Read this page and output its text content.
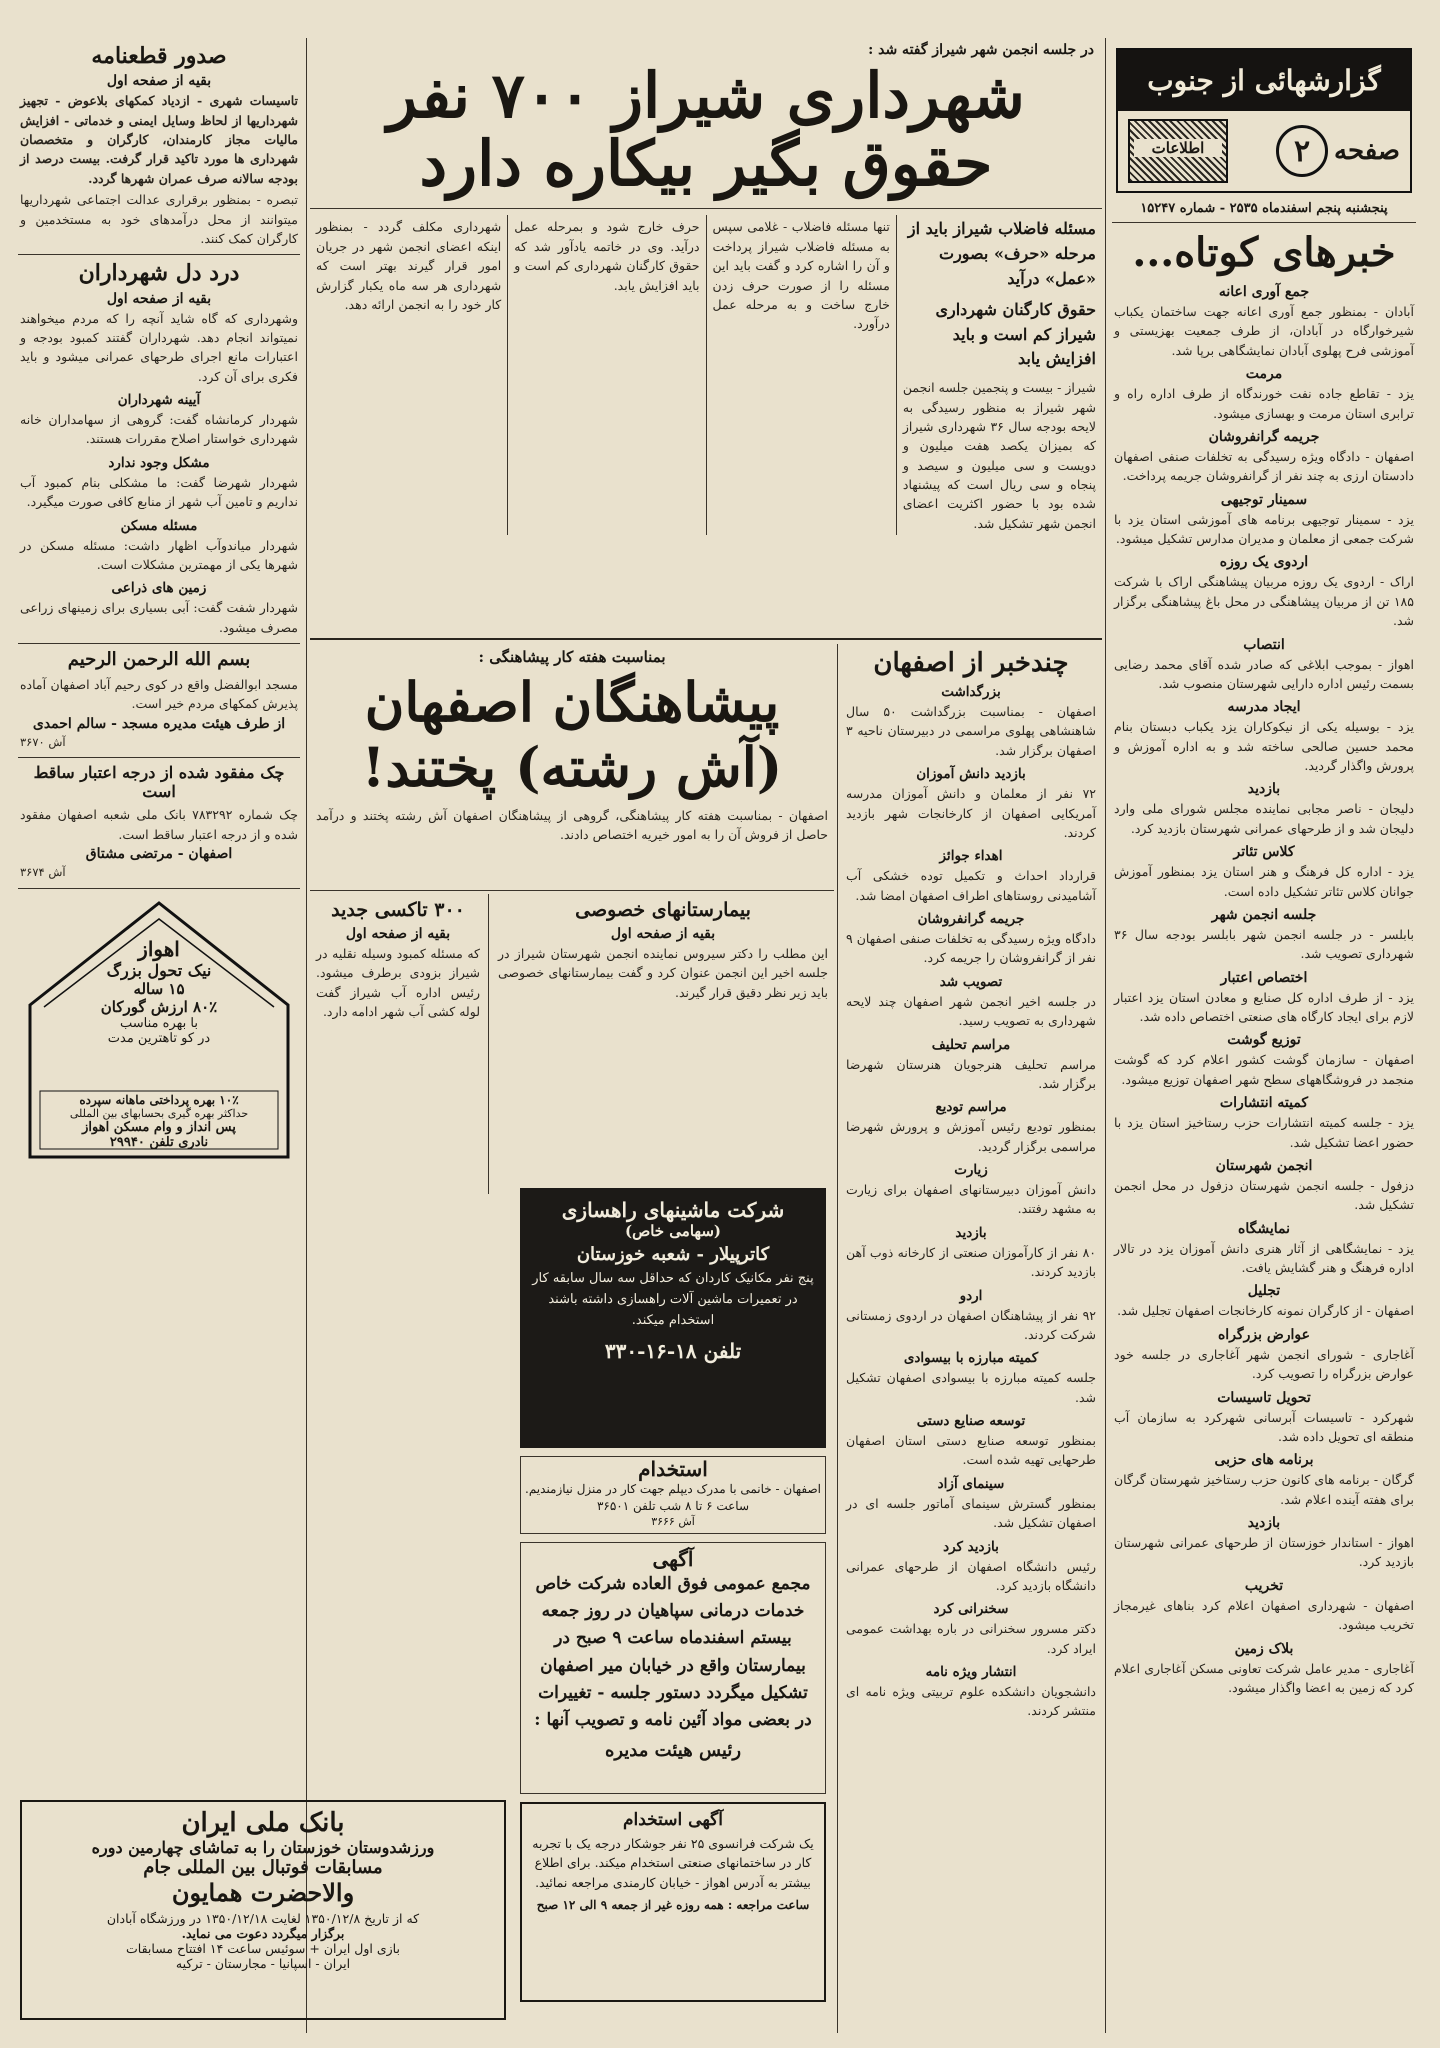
گزارشهائی از جنوب
صفحه
۲
اطلاعات
پنجشنبه پنجم اسفندماه ۲۵۳۵ - شماره ۱۵۲۴۷
خبرهای کوتاه...
جمع آوری اعانه
آبادان - بمنظور جمع آوری اعانه جهت ساختمان یکباب شیرخوارگاه در آبادان، از طرف جمعیت بهزیستی و آموزشی فرح پهلوی آبادان نمایشگاهی برپا شد.
مرمت
یزد - تقاطع جاده نفت خورندگاه از طرف اداره راه و ترابری استان مرمت و بهسازی میشود.
جریمه گرانفروشان
اصفهان - دادگاه ویژه رسیدگی به تخلفات صنفی اصفهان دادستان ارزی به چند نفر از گرانفروشان جریمه پرداخت.
سمینار توجیهی
یزد - سمینار توجیهی برنامه های آموزشی استان یزد با شرکت جمعی از معلمان و مدیران مدارس تشکیل میشود.
اردوی یک روزه
اراک - اردوی یک روزه مربیان پیشاهنگی اراک با شرکت ۱۸۵ تن از مربیان پیشاهنگی در محل باغ پیشاهنگی برگزار شد.
انتصاب
اهواز - بموجب ابلاغی که صادر شده آقای محمد رضایی بسمت رئیس اداره دارایی شهرستان منصوب شد.
ایجاد مدرسه
یزد - بوسیله یکی از نیکوکاران یزد یکباب دبستان بنام محمد حسین صالحی ساخته شد و به اداره آموزش و پرورش واگذار گردید.
بازدید
دلیجان - ناصر مجابی نماینده مجلس شورای ملی وارد دلیجان شد و از طرحهای عمرانی شهرستان بازدید کرد.
کلاس تئاتر
یزد - اداره کل فرهنگ و هنر استان یزد بمنظور آموزش جوانان کلاس تئاتر تشکیل داده است.
جلسه انجمن شهر
بابلسر - در جلسه انجمن شهر بابلسر بودجه سال ۳۶ شهرداری تصویب شد.
اختصاص اعتبار
یزد - از طرف اداره کل صنایع و معادن استان یزد اعتبار لازم برای ایجاد کارگاه های صنعتی اختصاص داده شد.
توزیع گوشت
اصفهان - سازمان گوشت کشور اعلام کرد که گوشت منجمد در فروشگاههای سطح شهر اصفهان توزیع میشود.
کمیته انتشارات
یزد - جلسه کمیته انتشارات حزب رستاخیز استان یزد با حضور اعضا تشکیل شد.
انجمن شهرستان
دزفول - جلسه انجمن شهرستان دزفول در محل انجمن تشکیل شد.
نمایشگاه
یزد - نمایشگاهی از آثار هنری دانش آموزان یزد در تالار اداره فرهنگ و هنر گشایش یافت.
تجلیل
اصفهان - از کارگران نمونه کارخانجات اصفهان تجلیل شد.
عوارض بزرگراه
آغاجاری - شورای انجمن شهر آغاجاری در جلسه خود عوارض بزرگراه را تصویب کرد.
تحویل تاسیسات
شهرکرد - تاسیسات آبرسانی شهرکرد به سازمان آب منطقه ای تحویل داده شد.
برنامه های حزبی
گرگان - برنامه های کانون حزب رستاخیز شهرستان گرگان برای هفته آینده اعلام شد.
بازدید
اهواز - استاندار خوزستان از طرحهای عمرانی شهرستان بازدید کرد.
تخریب
اصفهان - شهرداری اصفهان اعلام کرد بناهای غیرمجاز تخریب میشود.
بلاک زمین
آغاجاری - مدیر عامل شرکت تعاونی مسکن آغاجاری اعلام کرد که زمین به اعضا واگذار میشود.
صدور قطعنامه
بقیه از صفحه اول
تاسیسات شهری - ازدیاد کمکهای بلاعوض - تجهیز شهرداریها از لحاظ وسایل ایمنی و خدماتی - افزایش مالیات مجاز کارمندان، کارگران و متخصصان شهرداری ها مورد تاکید قرار گرفت. بیست درصد از بودجه سالانه صرف عمران شهرها گردد.
تبصره - بمنظور برقراری عدالت اجتماعی شهرداریها میتوانند از محل درآمدهای خود به مستخدمین و کارگران کمک کنند.
درد دل شهرداران
بقیه از صفحه اول
وشهرداری که گاه شاید آنچه را که مردم میخواهند نمیتواند انجام دهد. شهرداران گفتند کمبود بودجه و اعتبارات مانع اجرای طرحهای عمرانی میشود و باید فکری برای آن کرد.
آیینه شهرداران
شهردار کرمانشاه گفت: گروهی از سهامداران خانه شهرداری خواستار اصلاح مقررات هستند.
مشکل وجود ندارد
شهردار شهرضا گفت: ما مشکلی بنام کمبود آب نداریم و تامین آب شهر از منابع کافی صورت میگیرد.
مسئله مسکن
شهردار میاندوآب اظهار داشت: مسئله مسکن در شهرها یکی از مهمترین مشکلات است.
زمین های ذراعی
شهردار شفت گفت: آبی بسیاری برای زمینهای زراعی مصرف میشود.
بسم الله الرحمن الرحیم
مسجد ابوالفضل واقع در کوی رحیم آباد اصفهان آماده پذیرش کمکهای مردم خیر است.
از طرف هیئت مدیره مسجد - سالم احمدی
آش ۳۶۷۰
چک مفقود شده از درجه اعتبار ساقط است
چک شماره ۷۸۳۲۹۲ بانک ملی شعبه اصفهان مفقود شده و از درجه اعتبار ساقط است.
اصفهان - مرتضی مشتاق
آش ۳۶۷۴
اهواز
نیک تحول بزرگ
۱۵ ساله
۸۰٪ ارزش گورکان
با بهره مناسب
در کو تاهترین مدت
۱۰٪ بهره پرداختی ماهانه سپرده
حداکثر بهره گیری بحسابهای بین المللی
پس انداز و وام مسکن اهواز
نادری تلفن ۲۹۹۴۰
در جلسه انجمن شهر شیراز گفته شد :
شهرداری شیراز ۷۰۰ نفر
حقوق بگیر بیکاره دارد
مسئله فاضلاب شیراز باید از مرحله «حرف» بصورت «عمل» درآید
حقوق کارگنان شهرداری شیراز کم است و باید افزایش یابد
شیراز - بیست و پنجمین جلسه انجمن شهر شیراز به منظور رسیدگی به لایحه بودجه سال ۳۶ شهرداری شیراز که بمیزان یکصد هفت میلیون و دویست و سی میلیون و سیصد و پنجاه و سی ریال است که پیشنهاد شده بود با حضور اکثریت اعضای انجمن شهر تشکیل شد.
تنها مسئله فاضلاب - غلامی سپس به مسئله فاضلاب شیراز پرداخت و آن را اشاره کرد و گفت باید این مسئله را از صورت حرف زدن خارج ساخت و به مرحله عمل درآورد.
حرف خارج شود و بمرحله عمل درآید. وی در خاتمه یادآور شد که حقوق کارگنان شهرداری کم است و باید افزایش یابد.
شهرداری مکلف گردد - بمنظور اینکه اعضای انجمن شهر در جریان امور قرار گیرند بهتر است که شهرداری هر سه ماه یکبار گزارش کار خود را به انجمن ارائه دهد.
چندخبر از اصفهان
بزرگداشت
اصفهان - بمناسبت بزرگداشت ۵۰ سال شاهنشاهی پهلوی مراسمی در دبیرستان ناحیه ۳ اصفهان برگزار شد.
بازدید دانش آموزان
۷۲ نفر از معلمان و دانش آموزان مدرسه آمریکایی اصفهان از کارخانجات شهر بازدید کردند.
اهداء جوائز
قرارداد احداث و تکمیل توده خشکی آب آشامیدنی روستاهای اطراف اصفهان امضا شد.
جریمه گرانفروشان
دادگاه ویژه رسیدگی به تخلفات صنفی اصفهان ۹ نفر از گرانفروشان را جریمه کرد.
تصویب شد
در جلسه اخیر انجمن شهر اصفهان چند لایحه شهرداری به تصویب رسید.
مراسم تحلیف
مراسم تحلیف هنرجویان هنرستان شهرضا برگزار شد.
مراسم تودیع
بمنظور تودیع رئیس آموزش و پرورش شهرضا مراسمی برگزار گردید.
زیارت
دانش آموزان دبیرستانهای اصفهان برای زیارت به مشهد رفتند.
بازدید
۸۰ نفر از کارآموزان صنعتی از کارخانه ذوب آهن بازدید کردند.
اردو
۹۲ نفر از پیشاهنگان اصفهان در اردوی زمستانی شرکت کردند.
کمیته مبارزه با بیسوادی
جلسه کمیته مبارزه با بیسوادی اصفهان تشکیل شد.
توسعه صنایع دستی
بمنظور توسعه صنایع دستی استان اصفهان طرحهایی تهیه شده است.
سینمای آزاد
بمنظور گسترش سینمای آماتور جلسه ای در اصفهان تشکیل شد.
بازدید کرد
رئیس دانشگاه اصفهان از طرحهای عمرانی دانشگاه بازدید کرد.
سخنرانی کرد
دکتر مسرور سخنرانی در باره بهداشت عمومی ایراد کرد.
انتشار ویژه نامه
دانشجویان دانشکده علوم تربیتی ویژه نامه ای منتشر کردند.
بمناسبت هفته کار پیشاهنگی :
پیشاهنگان اصفهان
(آش رشته) پختند!
اصفهان - بمناسبت هفته کار پیشاهنگی، گروهی از پیشاهنگان اصفهان آش رشته پختند و درآمد حاصل از فروش آن را به امور خیریه اختصاص دادند.
۳۰۰ تاکسی جدید
بقیه از صفحه اول
که مسئله کمبود وسیله نقلیه در شیراز بزودی برطرف میشود. رئیس اداره آب شیراز گفت لوله کشی آب شهر ادامه دارد.
بیمارستانهای خصوصی
بقیه از صفحه اول
این مطلب را دکتر سیروس نماینده انجمن شهرستان شیراز در جلسه اخیر این انجمن عنوان کرد و گفت بیمارستانهای خصوصی باید زیر نظر دقیق قرار گیرند.
شرکت ماشینهای راهسازی
(سهامی خاص)
کاترپیلار - شعبه خوزستان
پنج نفر مکانیک کاردان که حداقل سه سال سابقه کار در تعمیرات ماشین آلات راهسازی داشته باشند استخدام میکند.
تلفن ۱۸-۱۶-۳۳۰
استخدام
اصفهان - خانمی با مدرک دیپلم جهت کار در منزل نیازمندیم. ساعت ۶ تا ۸ شب تلفن ۳۶۵۰۱
آش ۳۶۶۶
آگهی
مجمع عمومی فوق العاده شرکت خاص خدمات درمانی سپاهیان در روز جمعه بیستم اسفندماه ساعت ۹ صبح در بیمارستان واقع در خیابان میر اصفهان تشکیل میگردد دستور جلسه - تغییرات در بعضی مواد آئین نامه و تصویب آنها :
رئیس هیئت مدیره
آگهی استخدام
یک شرکت فرانسوی ۲۵ نفر جوشکار درجه یک با تجربه کار در ساختمانهای صنعتی استخدام میکند. برای اطلاع بیشتر به آدرس اهواز - خیابان کارمندی مراجعه نمائید.
ساعت مراجعه : همه روزه غیر از جمعه ۹ الی ۱۲ صبح
بانک ملی ایران
ورزشدوستان خوزستان را به تماشای چهارمین دوره
مسابقات فوتبال بین المللی جام
والاحضرت همایون
که از تاریخ ۱۳۵۰/۱۲/۸ لغایت ۱۳۵۰/۱۲/۱۸ در ورزشگاه آبادان
برگزار میگردد دعوت می نماید.
بازی اول ایران + سوئیس ساعت ۱۴ افتتاح مسابقات
ایران - اسپانیا - مجارستان - ترکیه
